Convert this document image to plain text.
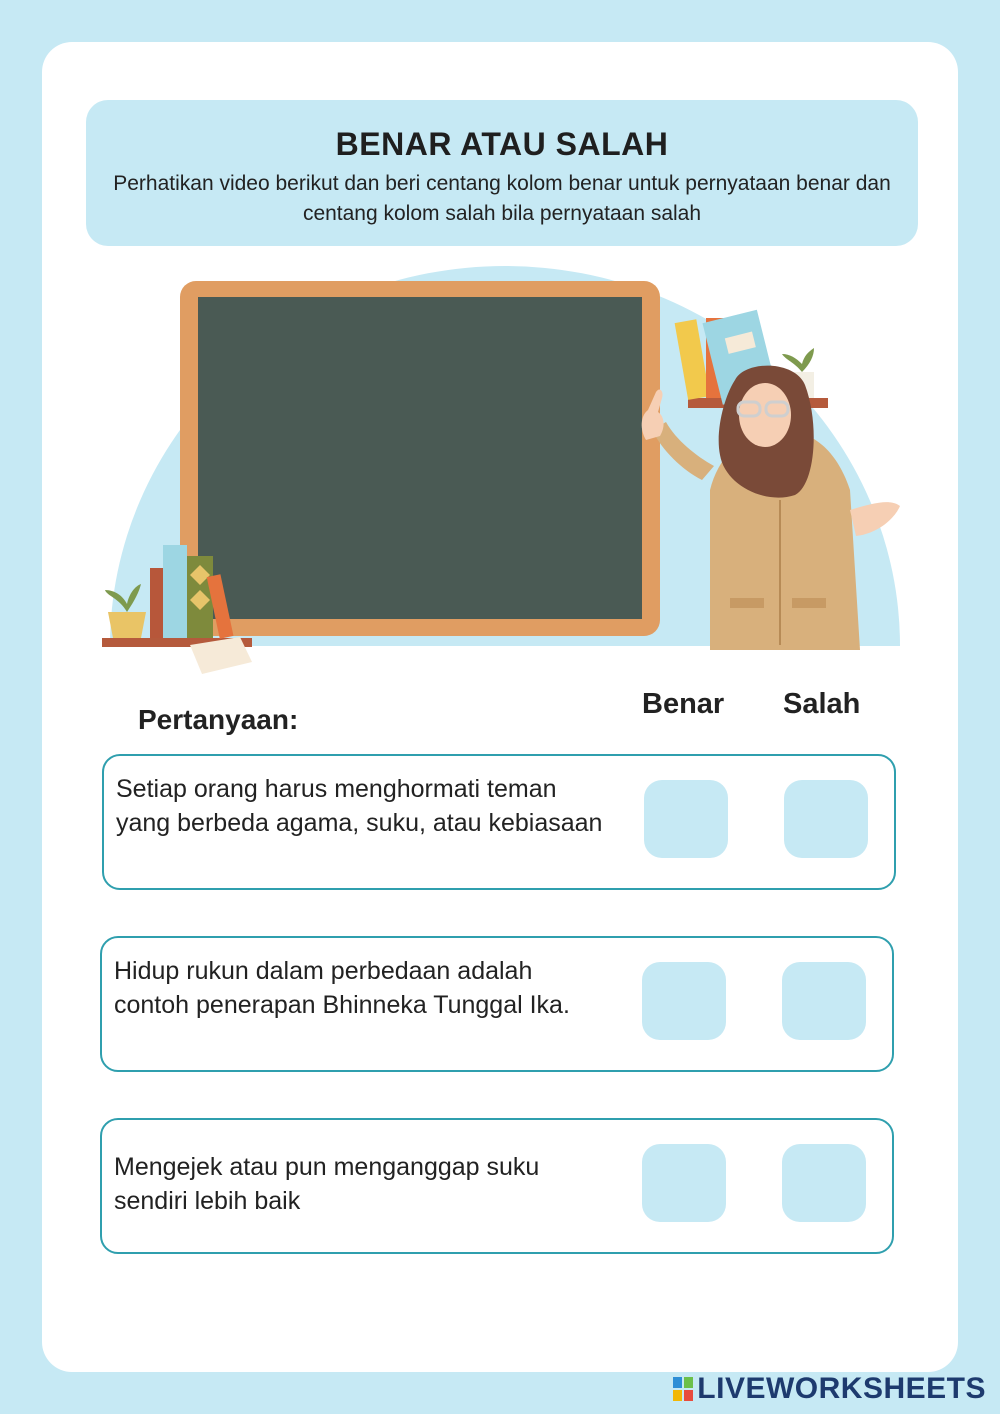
BENAR ATAU SALAH
Perhatikan video berikut dan beri centang kolom benar untuk pernyataan benar dan centang kolom salah bila pernyataan salah
Pertanyaan:	Benar Salah
Setiap orang harus menghormati teman yang berbeda agama, suku, atau kebiasaan
Hidup rukun dalam perbedaan adalah contoh penerapan Bhinneka Tunggal Ika.
Mengejek atau pun menganggap suku sendiri lebih baik
LIVEWORKSHEETS
